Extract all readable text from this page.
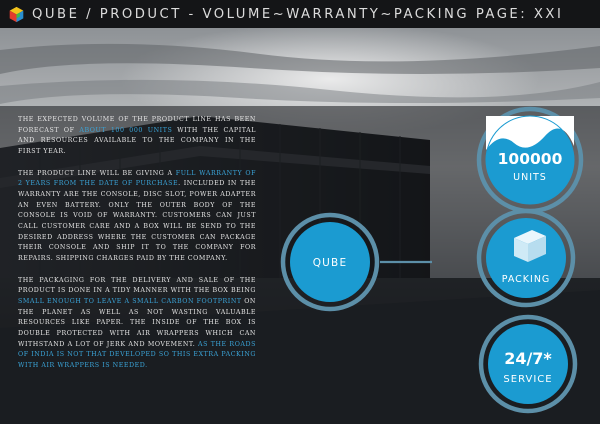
QUBE / PRODUCT - VOLUME~WARRANTY~PACKING PAGE: XXI

THE EXPECTED VOLUME OF THE PRODUCT LINE HAS BEEN FORECAST OF ABOUT 100 000 UNITS WITH THE CAPITAL AND RESOURCES AVAILABLE TO THE COMPANY IN THE FIRST YEAR.

THE PRODUCT LINE WILL BE GIVING A FULL WARRANTY OF 2 YEARS FROM THE DATE OF PURCHASE. INCLUDED IN THE WARRANTY ARE THE CONSOLE, DISC SLOT, POWER ADAPTER AN EVEN BATTERY. ONLY THE OUTER BODY OF THE CONSOLE IS VOID OF WARRANTY. CUSTOMERS CAN JUST CALL CUSTOMER CARE AND A BOX WILL BE SEND TO THE DESIRED ADDRESS WHERE THE CUSTOMER CAN PACKAGE THEIR CONSOLE AND SHIP IT TO THE COMPANY FOR REPAIRS. SHIPPING CHARGES PAID BY THE COMPANY.

THE PACKAGING FOR THE DELIVERY AND SALE OF THE PRODUCT IS DONE IN A TIDY MANNER WITH THE BOX BEING SMALL ENOUGH TO LEAVE A SMALL CARBON FOOTPRINT ON THE PLANET AS WELL AS NOT WASTING VALUABLE RESOURCES LIKE PAPER. THE INSIDE OF THE BOX IS DOUBLE PROTECTED WITH AIR WRAPPERS WHICH CAN WITHSTAND A LOT OF JERK AND MOVEMENT. AS THE ROADS OF INDIA IS NOT THAT DEVELOPED SO THIS EXTRA PACKING WITH AIR WRAPPERS IS NEEDED.

100000
UNITS
QUBE
PACKING
24/7*
SERVICE
